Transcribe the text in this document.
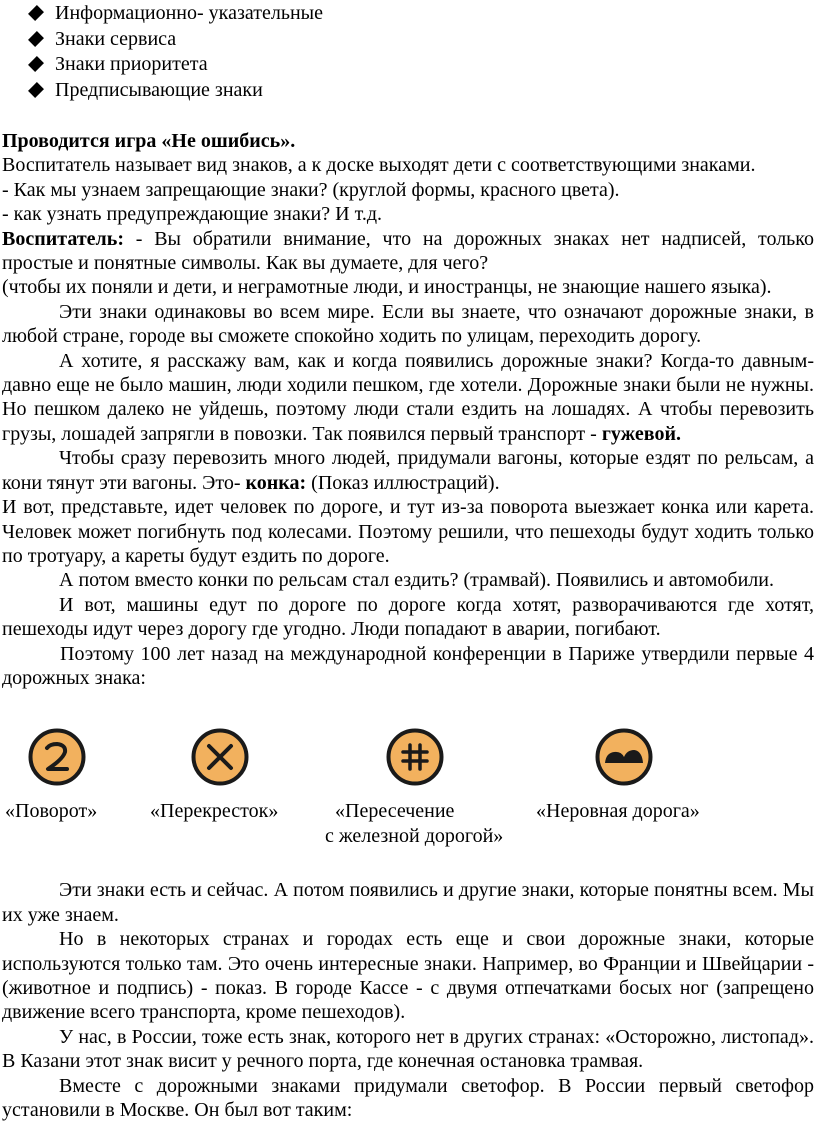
Информационно- указательные
Знаки сервиса
Знаки приоритета
Предписывающие знаки

Проводится игра «Не ошибись».

Воспитатель называет вид знаков, а к доске выходят дети с соответствующими знаками.

- Как мы узнаем запрещающие знаки? (круглой формы, красного цвета).

- как узнать предупреждающие знаки? И т.д.

Воспитатель: - Вы обратили внимание, что на дорожных знаках нет надписей, только простые и понятные символы. Как вы думаете, для чего?

(чтобы их поняли и дети, и неграмотные люди, и иностранцы, не знающие нашего языка).

Эти знаки одинаковы во всем мире. Если вы знаете, что означают дорожные знаки, в любой стране, городе вы сможете спокойно ходить по улицам, переходить дорогу.

А хотите, я расскажу вам, как и когда появились дорожные знаки? Когда-то давным-давно еще не было машин, люди ходили пешком, где хотели. Дорожные знаки были не нужны. Но пешком далеко не уйдешь, поэтому люди стали ездить на лошадях. А чтобы перевозить грузы, лошадей запрягли в повозки. Так появился первый транспорт - гужевой.

Чтобы сразу перевозить много людей, придумали вагоны, которые ездят по рельсам, а кони тянут эти вагоны. Это- конка: (Показ иллюстраций).

И вот, представьте, идет человек по дороге, и тут из-за поворота выезжает конка или карета. Человек может погибнуть под колесами. Поэтому решили, что пешеходы будут ходить только по тротуару, а кареты будут ездить по дороге.

А потом вместо конки по рельсам стал ездить? (трамвай). Появились и автомобили.

И вот, машины едут по дороге по дороге когда хотят, разворачиваются где хотят, пешеходы идут через дорогу где угодно. Люди попадают в аварии, погибают.

Поэтому 100 лет назад на международной конференции в Париже утвердили первые 4 дорожных знака:

«Поворот»	«Перекресток»	«Пересечение
с железной дорогой»
«Неровная дорога»

Эти знаки есть и сейчас. А потом появились и другие знаки, которые понятны всем. Мы их уже знаем.

Но в некоторых странах и городах есть еще и свои дорожные знаки, которые используются только там. Это очень интересные знаки. Например, во Франции и Швейцарии - (животное и подпись) - показ. В городе Кассе - с двумя отпечатками босых ног (запрещено движение всего транспорта, кроме пешеходов).

У нас, в России, тоже есть знак, которого нет в других странах: «Осторожно, листопад». В Казани этот знак висит у речного порта, где конечная остановка трамвая.

Вместе с дорожными знаками придумали светофор. В России первый светофор установили в Москве. Он был вот таким:
